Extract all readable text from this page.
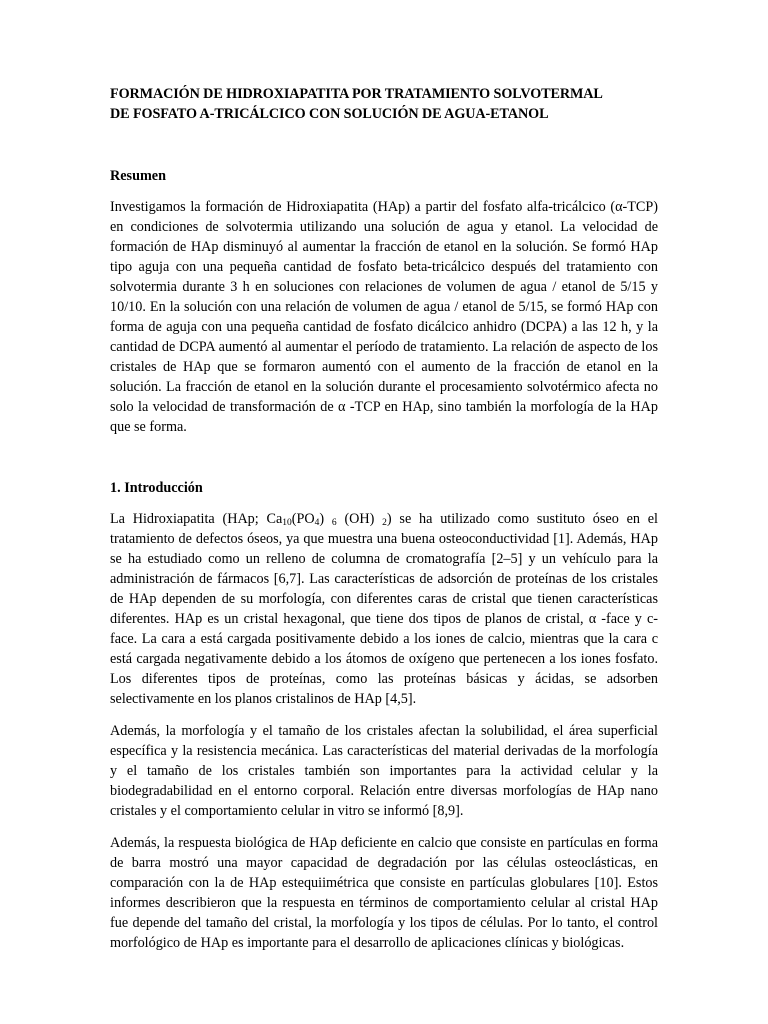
FORMACIÓN DE HIDROXIAPATITA POR TRATAMIENTO SOLVOTERMAL
DE FOSFATO A-TRICÁLCICO CON SOLUCIÓN DE AGUA-ETANOL
Resumen

Investigamos la formación de Hidroxiapatita (HAp) a partir del fosfato alfa-tricálcico (α-TCP) en condiciones de solvotermia utilizando una solución de agua y etanol. La velocidad de formación de HAp disminuyó al aumentar la fracción de etanol en la solución. Se formó HAp tipo aguja con una pequeña cantidad de fosfato beta-tricálcico después del tratamiento con solvotermia durante 3 h en soluciones con relaciones de volumen de agua / etanol de 5/15 y 10/10. En la solución con una relación de volumen de agua / etanol de 5/15, se formó HAp con forma de aguja con una pequeña cantidad de fosfato dicálcico anhidro (DCPA) a las 12 h, y la cantidad de DCPA aumentó al aumentar el período de tratamiento. La relación de aspecto de los cristales de HAp que se formaron aumentó con el aumento de la fracción de etanol en la solución. La fracción de etanol en la solución durante el procesamiento solvotérmico afecta no solo la velocidad de transformación de α -TCP en HAp, sino también la morfología de la HAp que se forma.

1. Introducción

La Hidroxiapatita (HAp; $Ca_{10}(PO_4)$ $_6$ (OH) $_2$) se ha utilizado como sustituto óseo en el tratamiento de defectos óseos, ya que muestra una buena osteoconductividad [1]. Además, HAp se ha estudiado como un relleno de columna de cromatografía [2–5] y un vehículo para la administración de fármacos [6,7]. Las características de adsorción de proteínas de los cristales de HAp dependen de su morfología, con diferentes caras de cristal que tienen características diferentes. HAp es un cristal hexagonal, que tiene dos tipos de planos de cristal, α -face y c-face. La cara a está cargada positivamente debido a los iones de calcio, mientras que la cara c está cargada negativamente debido a los átomos de oxígeno que pertenecen a los iones fosfato. Los diferentes tipos de proteínas, como las proteínas básicas y ácidas, se adsorben selectivamente en los planos cristalinos de HAp [4,5].

Además, la morfología y el tamaño de los cristales afectan la solubilidad, el área superficial específica y la resistencia mecánica. Las características del material derivadas de la morfología y el tamaño de los cristales también son importantes para la actividad celular y la biodegradabilidad en el entorno corporal. Relación entre diversas morfologías de HAp nano cristales y el comportamiento celular in vitro se informó [8,9].

Además, la respuesta biológica de HAp deficiente en calcio que consiste en partículas en forma de barra mostró una mayor capacidad de degradación por las células osteoclásticas, en comparación con la de HAp estequiimétrica que consiste en partículas globulares [10]. Estos informes describieron que la respuesta en términos de comportamiento celular al cristal HAp fue depende del tamaño del cristal, la morfología y los tipos de células. Por lo tanto, el control morfológico de HAp es importante para el desarrollo de aplicaciones clínicas y biológicas.
